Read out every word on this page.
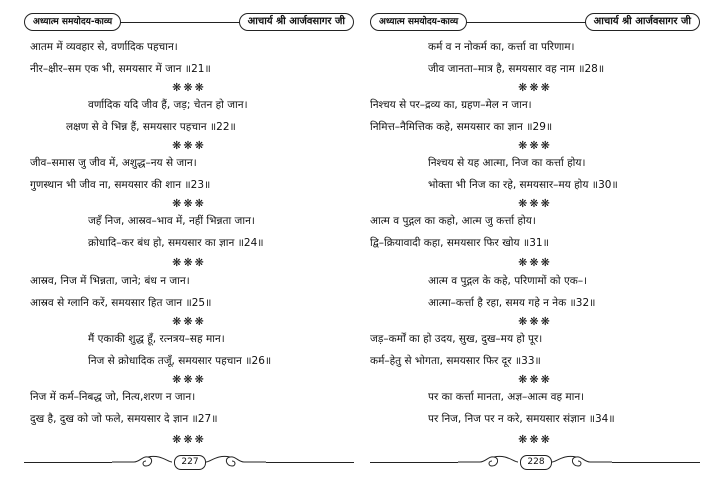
अध्यात्म समयोदय-काव्य	आचार्य श्री आर्जवसागर जी
आतम में व्यवहार से, वर्णादिक पहचान।
नीर–क्षीर–सम एक भी, समयसार में जान ॥21॥
❋❋❋
वर्णादिक यदि जीव हैं, जड़; चेतन हो जान।
लक्षण से वे भिन्न हैं, समयसार पहचान ॥22॥
❋❋❋
जीव–समास जु जीव में, अशुद्ध–नय से जान।
गुणस्थान भी जीव ना, समयसार की शान ॥23॥
❋❋❋
जहँ निज, आस्रव–भाव में, नहीं भिन्नता जान।
क्रोधादि–कर बंध हो, समयसार का ज्ञान ॥24॥
❋❋❋
आस्रव, निज में भिन्नता, जाने; बंध न जान।
आस्रव से ग्लानि करें, समयसार हित जान ॥25॥
❋❋❋
मैं एकाकी शुद्ध हूँ, रत्नत्रय–सह मान।
निज से क्रोधादिक तजूँ, समयसार पहचान ॥26॥
❋❋❋
निज में कर्म–निबद्ध जो, नित्य,शरण न जान।
दुख है, दुख को जो फले, समयसार दे ज्ञान ॥27॥
❋❋❋
227
अध्यात्म समयोदय-काव्य	आचार्य श्री आर्जवसागर जी
कर्म व न नोकर्म का, कर्त्ता वा परिणाम।
जीव जानता–मात्र है, समयसार वह नाम ॥28॥
❋❋❋
निश्चय से पर–द्रव्य का, ग्रहण–मेल न जान।
निमित्त–नैमित्तिक कहे, समयसार का ज्ञान ॥29॥
❋❋❋
निश्चय से यह आत्मा, निज का कर्त्ता होय।
भोक्ता भी निज का रहे, समयसार–मय होय ॥30॥
❋❋❋
आत्म व पुद्गल का कहो, आत्म जु कर्त्ता होय।
द्वि–क्रियावादी कहा, समयसार फिर खोय ॥31॥
❋❋❋
आत्म व पुद्गल के कहे, परिणामों को एक–।
आत्मा–कर्त्ता है रहा, समय गहे न नेक ॥32॥
❋❋❋
जड़–कर्मों का हो उदय, सुख, दुख–मय हो पूर।
कर्म–हेतु से भोगता, समयसार फिर दूर ॥33॥
❋❋❋
पर का कर्त्ता मानता, अज्ञ–आत्म वह मान।
पर निज, निज पर न करे, समयसार संज्ञान ॥34॥
❋❋❋
228
